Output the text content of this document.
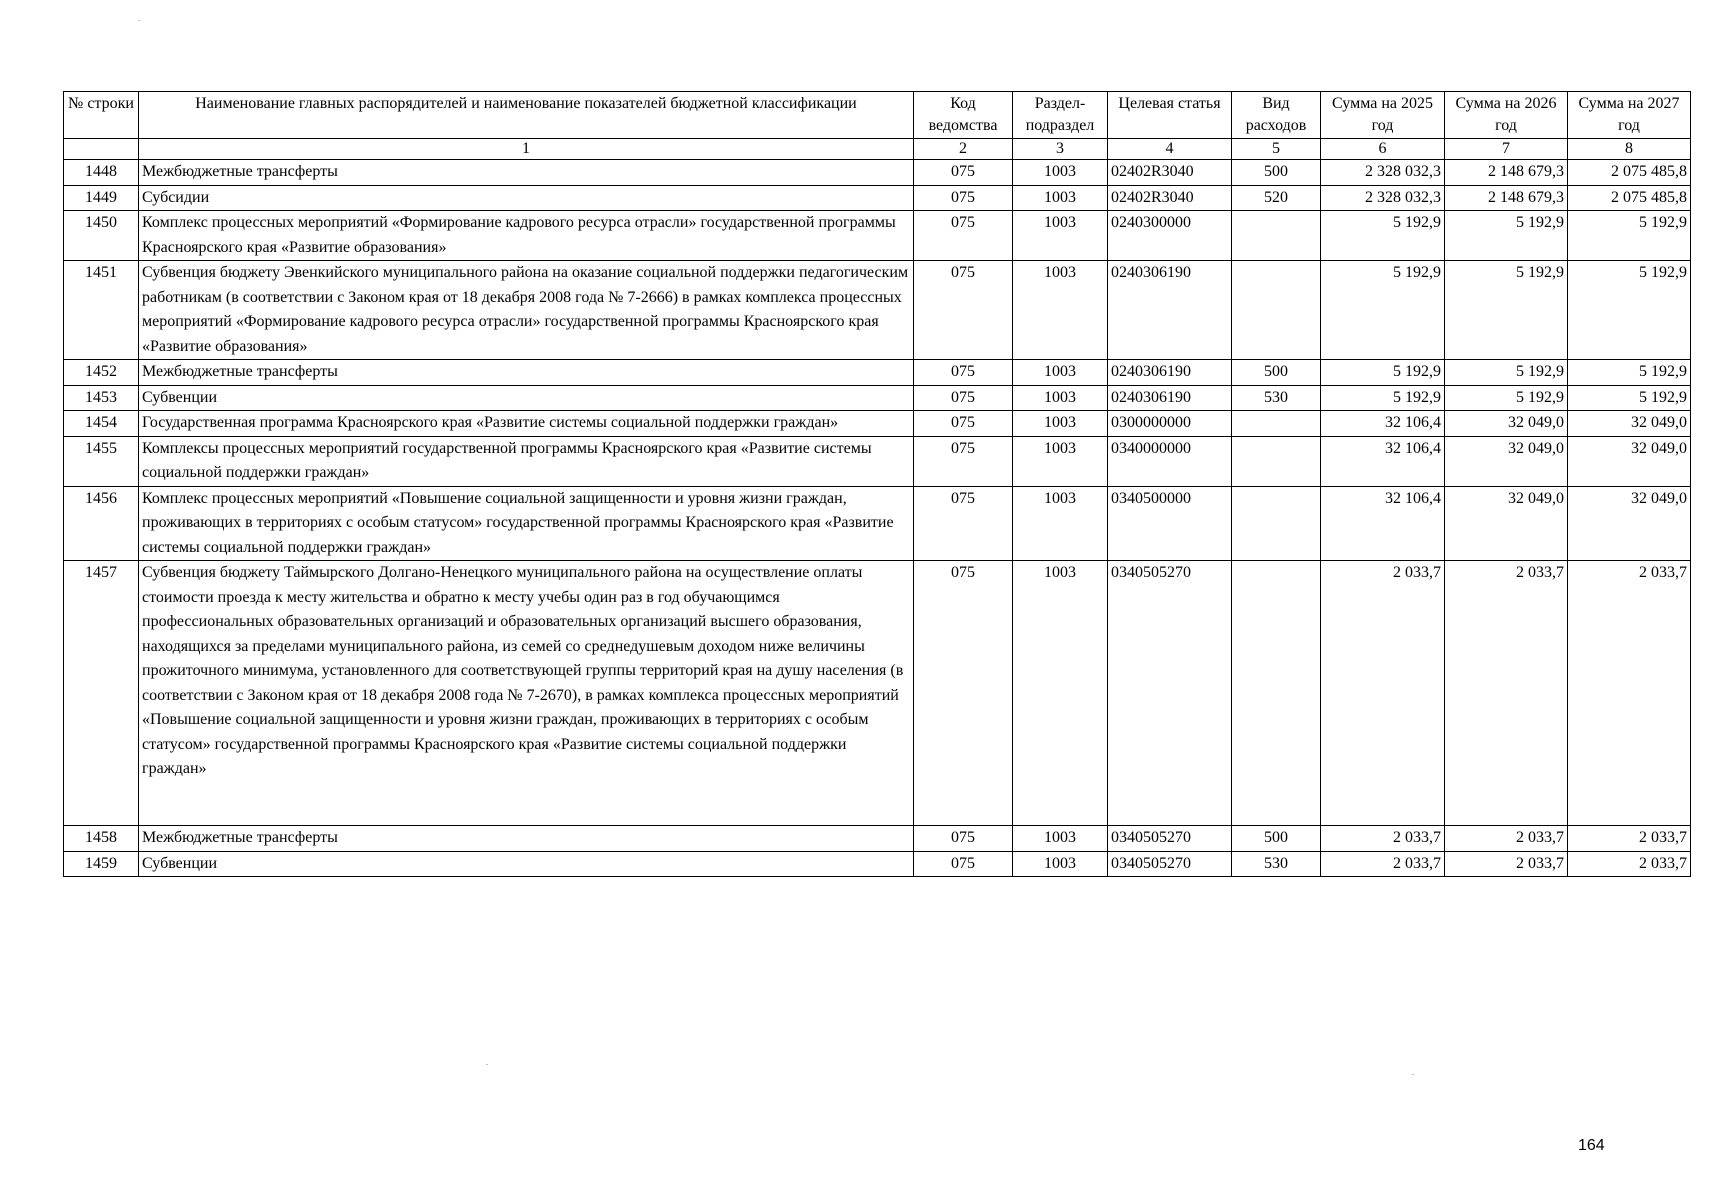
№ строки	Наименование главных распорядителей и наименование показателей бюджетной классификации	Код ведомства	Раздел-подраздел	Целевая статья	Вид расходов	Сумма на 2025 год	Сумма на 2026 год	Сумма на 2027 год
	1	2	3	4	5	6	7	8
1448	Межбюджетные трансферты	075	1003	02402R3040	500	2 328 032,3	2 148 679,3	2 075 485,8
1449	Субсидии	075	1003	02402R3040	520	2 328 032,3	2 148 679,3	2 075 485,8
1450	Комплекс процессных мероприятий «Формирование кадрового ресурса отрасли» государственной программы Красноярского края «Развитие образования»	075	1003	0240300000		5 192,9	5 192,9	5 192,9
1451	Субвенция бюджету Эвенкийского муниципального района на оказание социальной поддержки педагогическим работникам (в соответствии с Законом края от 18 декабря 2008 года № 7-2666) в рамках комплекса процессных мероприятий «Формирование кадрового ресурса отрасли» государственной программы Красноярского края «Развитие образования»	075	1003	0240306190		5 192,9	5 192,9	5 192,9
1452	Межбюджетные трансферты	075	1003	0240306190	500	5 192,9	5 192,9	5 192,9
1453	Субвенции	075	1003	0240306190	530	5 192,9	5 192,9	5 192,9
1454	Государственная программа Красноярского края «Развитие системы социальной поддержки граждан»	075	1003	0300000000		32 106,4	32 049,0	32 049,0
1455	Комплексы процессных мероприятий государственной программы Красноярского края «Развитие системы социальной поддержки граждан»	075	1003	0340000000		32 106,4	32 049,0	32 049,0
1456	Комплекс процессных мероприятий «Повышение социальной защищенности и уровня жизни граждан, проживающих в территориях с особым статусом» государственной программы Красноярского края «Развитие системы социальной поддержки граждан»	075	1003	0340500000		32 106,4	32 049,0	32 049,0
1457	Субвенция бюджету Таймырского Долгано-Ненецкого муниципального района на осуществление оплаты стоимости проезда к месту жительства и обратно к месту учебы один раз в год обучающимся профессиональных образовательных организаций и образовательных организаций высшего образования, находящихся за пределами муниципального района, из семей со среднедушевым доходом ниже величины прожиточного минимума, установленного для соответствующей группы территорий края на душу населения (в соответствии с Законом края от 18 декабря 2008 года № 7-2670), в рамках комплекса процессных мероприятий «Повышение социальной защищенности и уровня жизни граждан, проживающих в территориях с особым статусом» государственной программы Красноярского края «Развитие системы социальной поддержки граждан»	075	1003	0340505270		2 033,7	2 033,7	2 033,7
1458	Межбюджетные трансферты	075	1003	0340505270	500	2 033,7	2 033,7	2 033,7
1459	Субвенции	075	1003	0340505270	530	2 033,7	2 033,7	2 033,7
164
